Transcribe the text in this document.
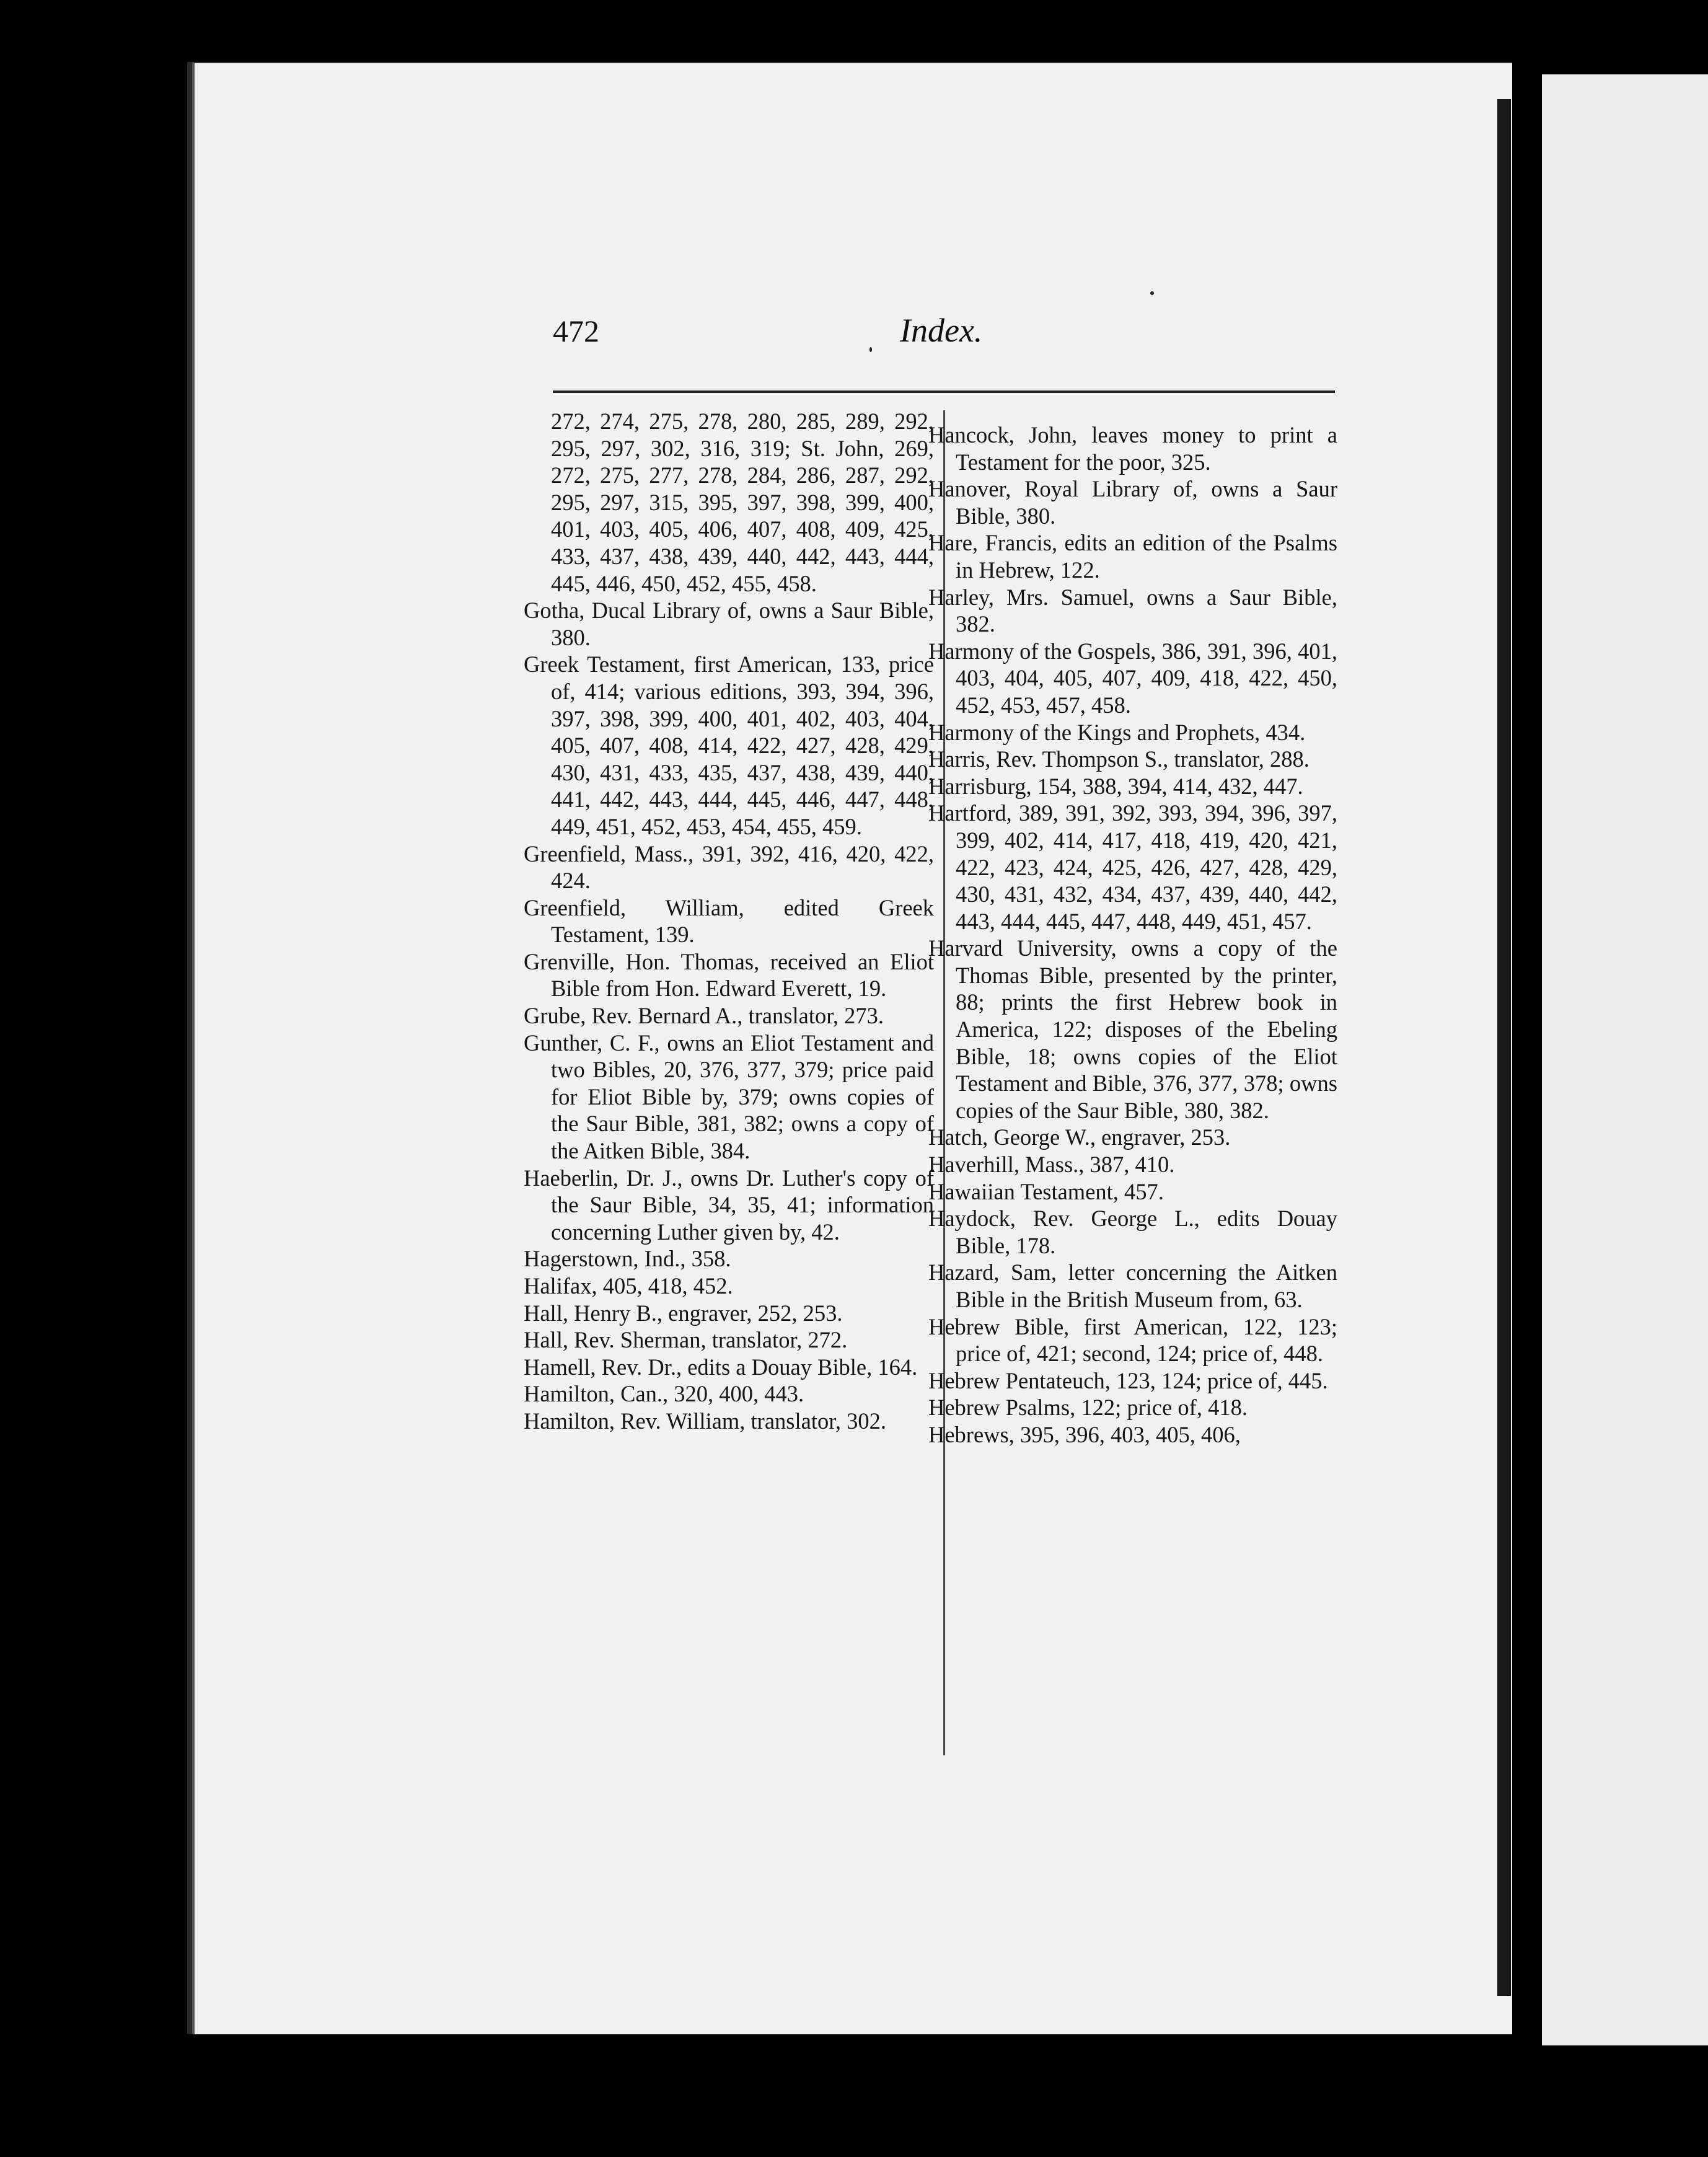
472	Index.

272, 274, 275, 278, 280, 285, 289, 292, 295, 297, 302, 316, 319; St. John, 269, 272, 275, 277, 278, 284, 286, 287, 292, 295, 297, 315, 395, 397, 398, 399, 400, 401, 403, 405, 406, 407, 408, 409, 425, 433, 437, 438, 439, 440, 442, 443, 444, 445, 446, 450, 452, 455, 458.

Gotha, Ducal Library of, owns a Saur Bible, 380.

Greek Testament, first American, 133, price of, 414; various editions, 393, 394, 396, 397, 398, 399, 400, 401, 402, 403, 404, 405, 407, 408, 414, 422, 427, 428, 429, 430, 431, 433, 435, 437, 438, 439, 440, 441, 442, 443, 444, 445, 446, 447, 448, 449, 451, 452, 453, 454, 455, 459.

Greenfield, Mass., 391, 392, 416, 420, 422, 424.

Greenfield, William, edited Greek Testament, 139.

Grenville, Hon. Thomas, received an Eliot Bible from Hon. Edward Everett, 19.

Grube, Rev. Bernard A., translator, 273.

Gunther, C. F., owns an Eliot Testament and two Bibles, 20, 376, 377, 379; price paid for Eliot Bible by, 379; owns copies of the Saur Bible, 381, 382; owns a copy of the Aitken Bible, 384.

Haeberlin, Dr. J., owns Dr. Luther's copy of the Saur Bible, 34, 35, 41; information concerning Luther given by, 42.

Hagerstown, Ind., 358.

Halifax, 405, 418, 452.

Hall, Henry B., engraver, 252, 253.

Hall, Rev. Sherman, translator, 272.

Hamell, Rev. Dr., edits a Douay Bible, 164.

Hamilton, Can., 320, 400, 443.

Hamilton, Rev. William, translator, 302.

Hancock, John, leaves money to print a Testament for the poor, 325.

Hanover, Royal Library of, owns a Saur Bible, 380.

Hare, Francis, edits an edition of the Psalms in Hebrew, 122.

Harley, Mrs. Samuel, owns a Saur Bible, 382.

Harmony of the Gospels, 386, 391, 396, 401, 403, 404, 405, 407, 409, 418, 422, 450, 452, 453, 457, 458.

Harmony of the Kings and Prophets, 434.

Harris, Rev. Thompson S., translator, 288.

Harrisburg, 154, 388, 394, 414, 432, 447.

Hartford, 389, 391, 392, 393, 394, 396, 397, 399, 402, 414, 417, 418, 419, 420, 421, 422, 423, 424, 425, 426, 427, 428, 429, 430, 431, 432, 434, 437, 439, 440, 442, 443, 444, 445, 447, 448, 449, 451, 457.

Harvard University, owns a copy of the Thomas Bible, presented by the printer, 88; prints the first Hebrew book in America, 122; disposes of the Ebeling Bible, 18; owns copies of the Eliot Testament and Bible, 376, 377, 378; owns copies of the Saur Bible, 380, 382.

Hatch, George W., engraver, 253.

Haverhill, Mass., 387, 410.

Hawaiian Testament, 457.

Haydock, Rev. George L., edits Douay Bible, 178.

Hazard, Sam, letter concerning the Aitken Bible in the British Museum from, 63.

Hebrew Bible, first American, 122, 123; price of, 421; second, 124; price of, 448.

Hebrew Pentateuch, 123, 124; price of, 445.

Hebrew Psalms, 122; price of, 418.

Hebrews, 395, 396, 403, 405, 406,
